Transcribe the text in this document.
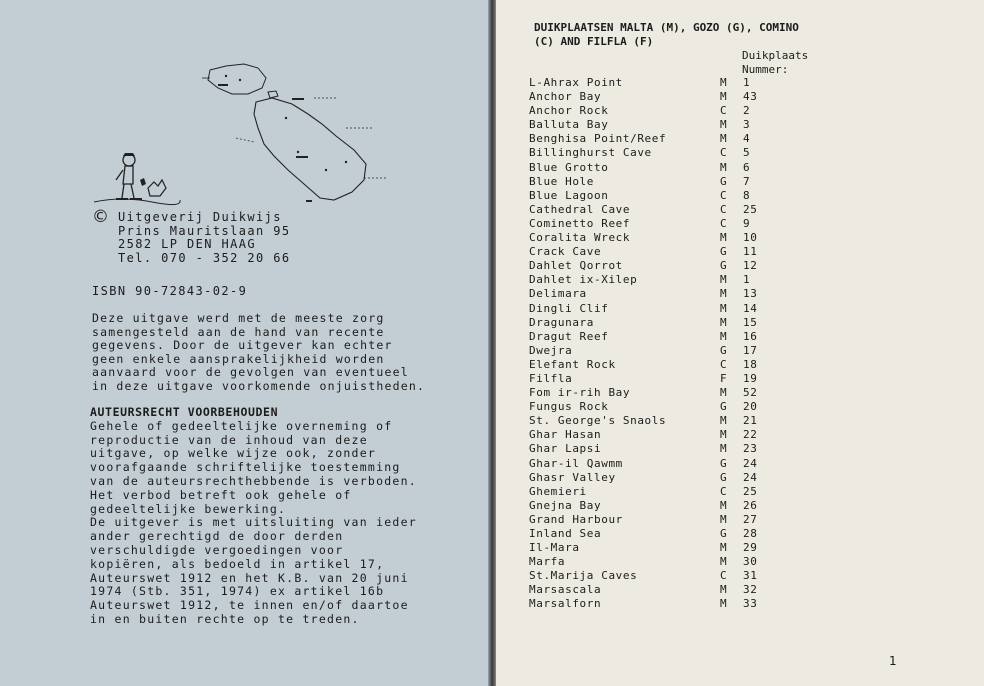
© Uitgeverij Duikwijs
Prins Mauritslaan 95
2582 LP DEN HAAG
Tel. 070 - 352 20 66
ISBN 90-72843-02-9
Deze uitgave werd met de meeste zorg
samengesteld aan de hand van recente
gegevens. Door de uitgever kan echter
geen enkele aansprakelijkheid worden
aanvaard voor de gevolgen van eventueel
in deze uitgave voorkomende onjuistheden.
AUTEURSRECHT VOORBEHOUDEN
Gehele of gedeeltelijke overneming of
reproductie van de inhoud van deze
uitgave, op welke wijze ook, zonder
voorafgaande schriftelijke toestemming
van de auteursrechthebbende is verboden.
Het verbod betreft ook gehele of
gedeeltelijke bewerking.
De uitgever is met uitsluiting van ieder
ander gerechtigd de door derden
verschuldigde vergoedingen voor
kopiëren, als bedoeld in artikel 17,
Auteurswet 1912 en het K.B. van 20 juni
1974 (Stb. 351, 1974) ex artikel 16b
Auteurswet 1912, te innen en/of daartoe
in en buiten rechte op te treden.
DUIKPLAATSEN MALTA (M), GOZO (G), COMINO
(C) AND FILFLA (F)
Duikplaats
Nummer:
L-Ahrax Point	M 1
Anchor Bay	M 43
Anchor Rock	C 2
Balluta Bay	M 3
Benghisa Point/Reef	M 4
Billinghurst Cave	C 5
Blue Grotto	M 6
Blue Hole	G 7
Blue Lagoon	C 8
Cathedral Cave	C 25
Cominetto Reef	C 9
Coralita Wreck	M 10
Crack Cave	G 11
Dahlet Qorrot	G 12
Dahlet ix-Xilep	M 1
Delimara	M 13
Dingli Clif	M 14
Dragunara	M 15
Dragut Reef	M 16
Dwejra	G 17
Elefant Rock	C 18
Filfla	F 19
Fom ir-rih Bay	M 52
Fungus Rock	G 20
St. George's Snaols	M 21
Ghar Hasan	M 22
Ghar Lapsi	M 23
Ghar-il Qawmm	G 24
Ghasr Valley	G 24
Ghemieri	C 25
Gnejna Bay	M 26
Grand Harbour	M 27
Inland Sea	G 28
Il-Mara	M 29
Marfa	M 30
St.Marija Caves	C 31
Marsascala	M 32
Marsalforn	M 33
1
